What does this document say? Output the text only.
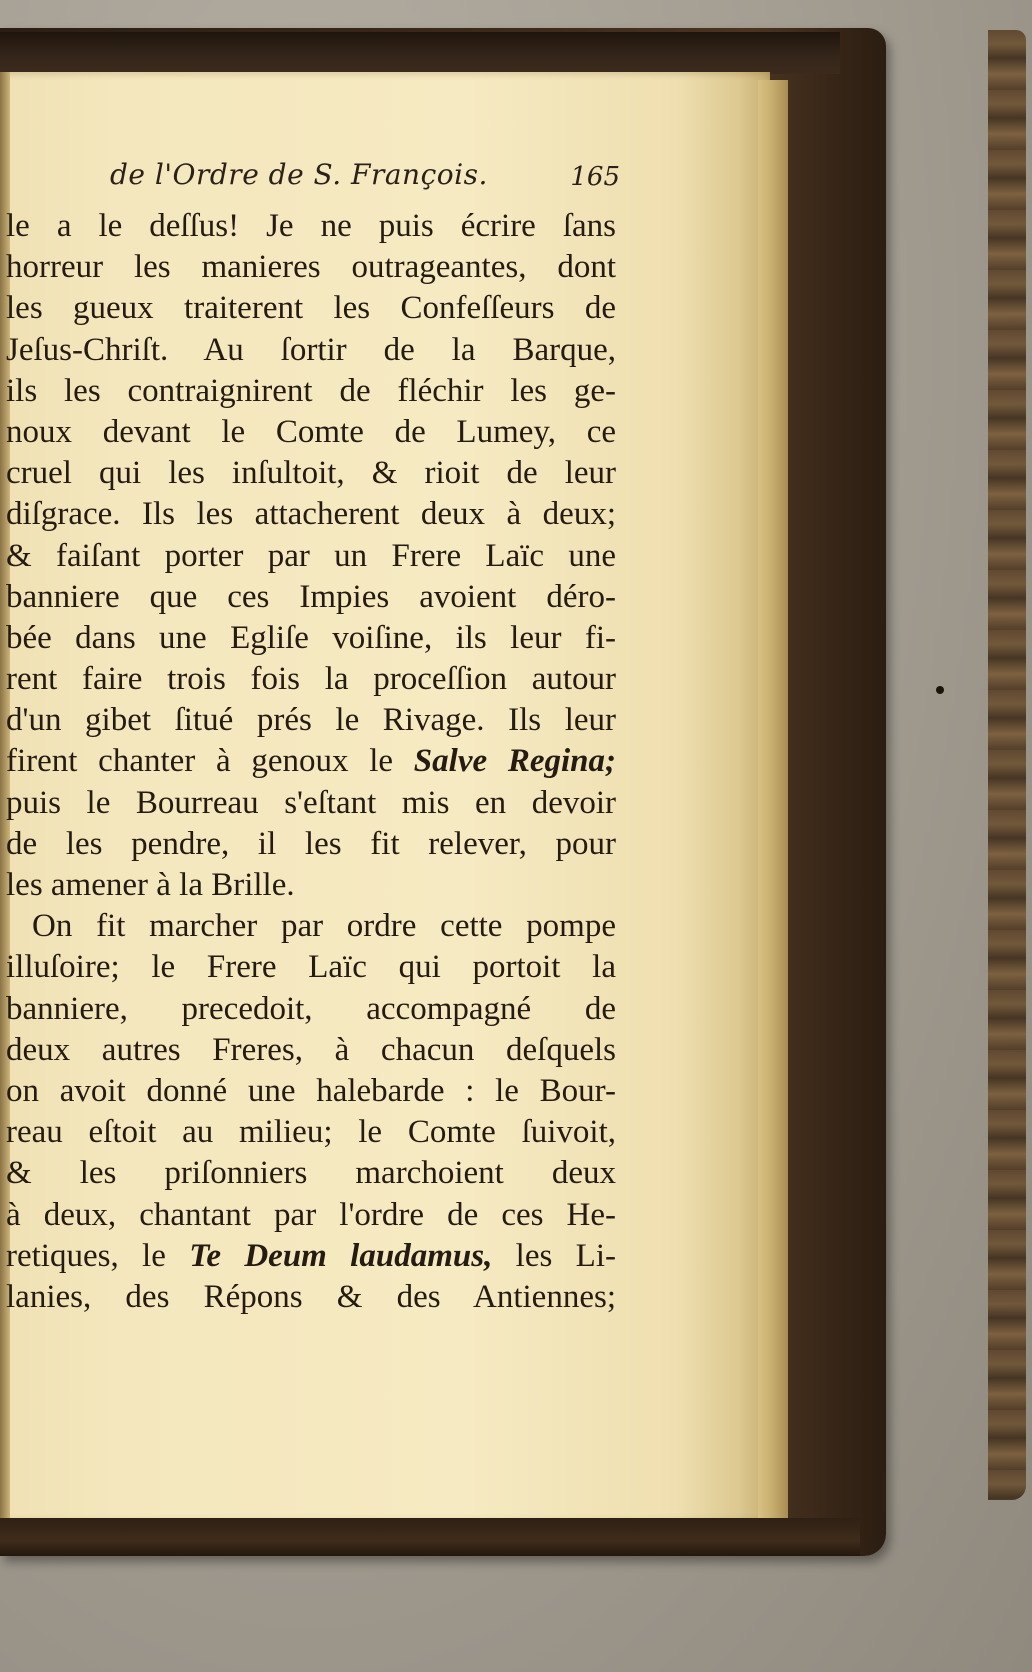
de l'Ordre de S. François.	165
le a le deſſus! Je ne puis écrire ſans
horreur les manieres outrageantes, dont
les gueux traiterent les Confeſſeurs de
Jeſus-Chriſt. Au ſortir de la Barque,
ils les contraignirent de fléchir les ge-
noux devant le Comte de Lumey, ce
cruel qui les inſultoit, & rioit de leur
diſgrace. Ils les attacherent deux à deux;
& faiſant porter par un Frere Laïc une
banniere que ces Impies avoient déro-
bée dans une Egliſe voiſine, ils leur fi-
rent faire trois fois la proceſſion autour
d'un gibet ſitué prés le Rivage. Ils leur
firent chanter à genoux le Salve Regina;
puis le Bourreau s'eſtant mis en devoir
de les pendre, il les fit relever, pour
les amener à la Brille.
On fit marcher par ordre cette pompe
illuſoire; le Frere Laïc qui portoit la
banniere, precedoit, accompagné de
deux autres Freres, à chacun deſquels
on avoit donné une halebarde : le Bour-
reau eſtoit au milieu; le Comte ſuivoit,
& les priſonniers marchoient deux
à deux, chantant par l'ordre de ces He-
retiques, le Te Deum laudamus, les Li-
lanies, des Répons & des Antiennes;
